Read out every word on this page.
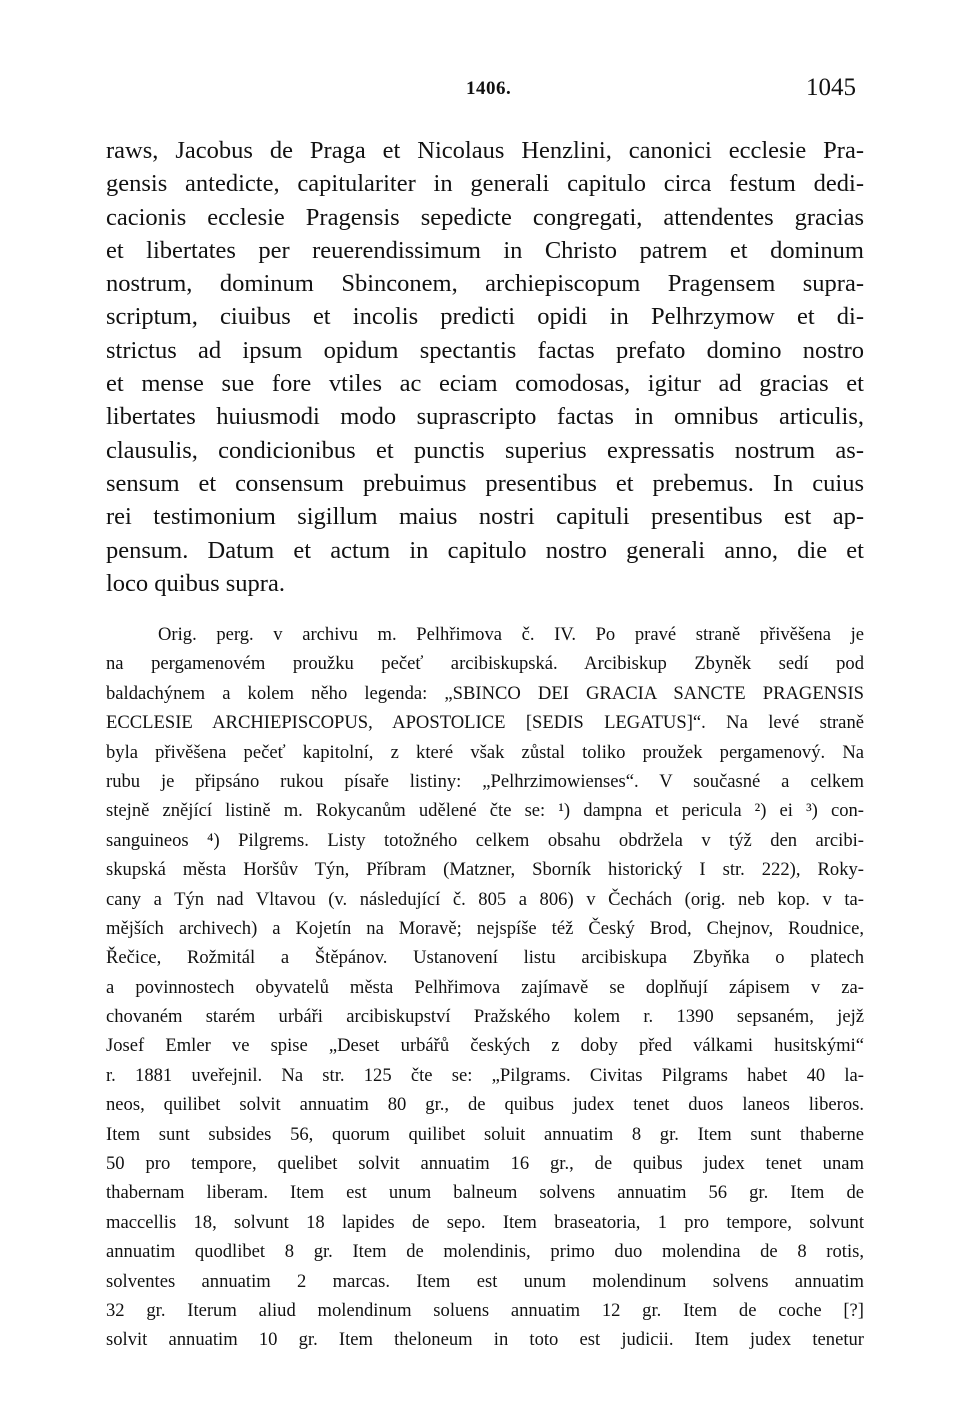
1406.	1045
raws, Jacobus de Praga et Nicolaus Henzlini, canonici ecclesie Pra-
gensis antedicte, capitulariter in generali capitulo circa festum dedi-
cacionis ecclesie Pragensis sepedicte congregati, attendentes gracias
et libertates per reuerendissimum in Christo patrem et dominum
nostrum, dominum Sbinconem, archiepiscopum Pragensem supra-
scriptum, ciuibus et incolis predicti opidi in Pelhrzymow et di-
strictus ad ipsum opidum spectantis factas prefato domino nostro
et mense sue fore vtiles ac eciam comodosas, igitur ad gracias et
libertates huiusmodi modo suprascripto factas in omnibus articulis,
clausulis, condicionibus et punctis superius expressatis nostrum as-
sensum et consensum prebuimus presentibus et prebemus. In cuius
rei testimonium sigillum maius nostri capituli presentibus est ap-
pensum. Datum et actum in capitulo nostro generali anno, die et
loco quibus supra.
Orig. perg. v archivu m. Pelhřimova č. IV. Po pravé straně přivěšena je
na pergamenovém proužku pečeť arcibiskupská. Arcibiskup Zbyněk sedí pod
baldachýnem a kolem něho legenda: „SBINCO DEI GRACIA SANCTE PRAGENSIS
ECCLESIE ARCHIEPISCOPUS, APOSTOLICE [SEDIS LEGATUS]“. Na levé straně
byla přivěšena pečeť kapitolní, z které však zůstal toliko proužek pergamenový. Na
rubu je připsáno rukou písaře listiny: „Pelhrzimowienses“. V současné a celkem
stejně znějící listině m. Rokycanům udělené čte se: ¹) dampna et pericula ²) ei ³) con-
sanguineos ⁴) Pilgrems. Listy totožného celkem obsahu obdržela v týž den arcibi-
skupská města Horšův Týn, Příbram (Matzner, Sborník historický I str. 222), Roky-
cany a Týn nad Vltavou (v. následující č. 805 a 806) v Čechách (orig. neb kop. v ta-
mějších archivech) a Kojetín na Moravě; nejspíše též Český Brod, Chejnov, Roudnice,
Řečice, Rožmitál a Štěpánov. Ustanovení listu arcibiskupa Zbyňka o platech
a povinnostech obyvatelů města Pelhřimova zajímavě se doplňují zápisem v za-
chovaném starém urbáři arcibiskupství Pražského kolem r. 1390 sepsaném, jejž
Josef Emler ve spise „Deset urbářů českých z doby před válkami husitskými“
r. 1881 uveřejnil. Na str. 125 čte se: „Pilgrams. Civitas Pilgrams habet 40 la-
neos, quilibet solvit annuatim 80 gr., de quibus judex tenet duos laneos liberos.
Item sunt subsides 56, quorum quilibet soluit annuatim 8 gr. Item sunt thaberne
50 pro tempore, quelibet solvit annuatim 16 gr., de quibus judex tenet unam
thabernam liberam. Item est unum balneum solvens annuatim 56 gr. Item de
maccellis 18, solvunt 18 lapides de sepo. Item braseatoria, 1 pro tempore, solvunt
annuatim quodlibet 8 gr. Item de molendinis, primo duo molendina de 8 rotis,
solventes annuatim 2 marcas. Item est unum molendinum solvens annuatim
32 gr. Iterum aliud molendinum soluens annuatim 12 gr. Item de coche [?]
solvit annuatim 10 gr. Item theloneum in toto est judicii. Item judex tenetur
